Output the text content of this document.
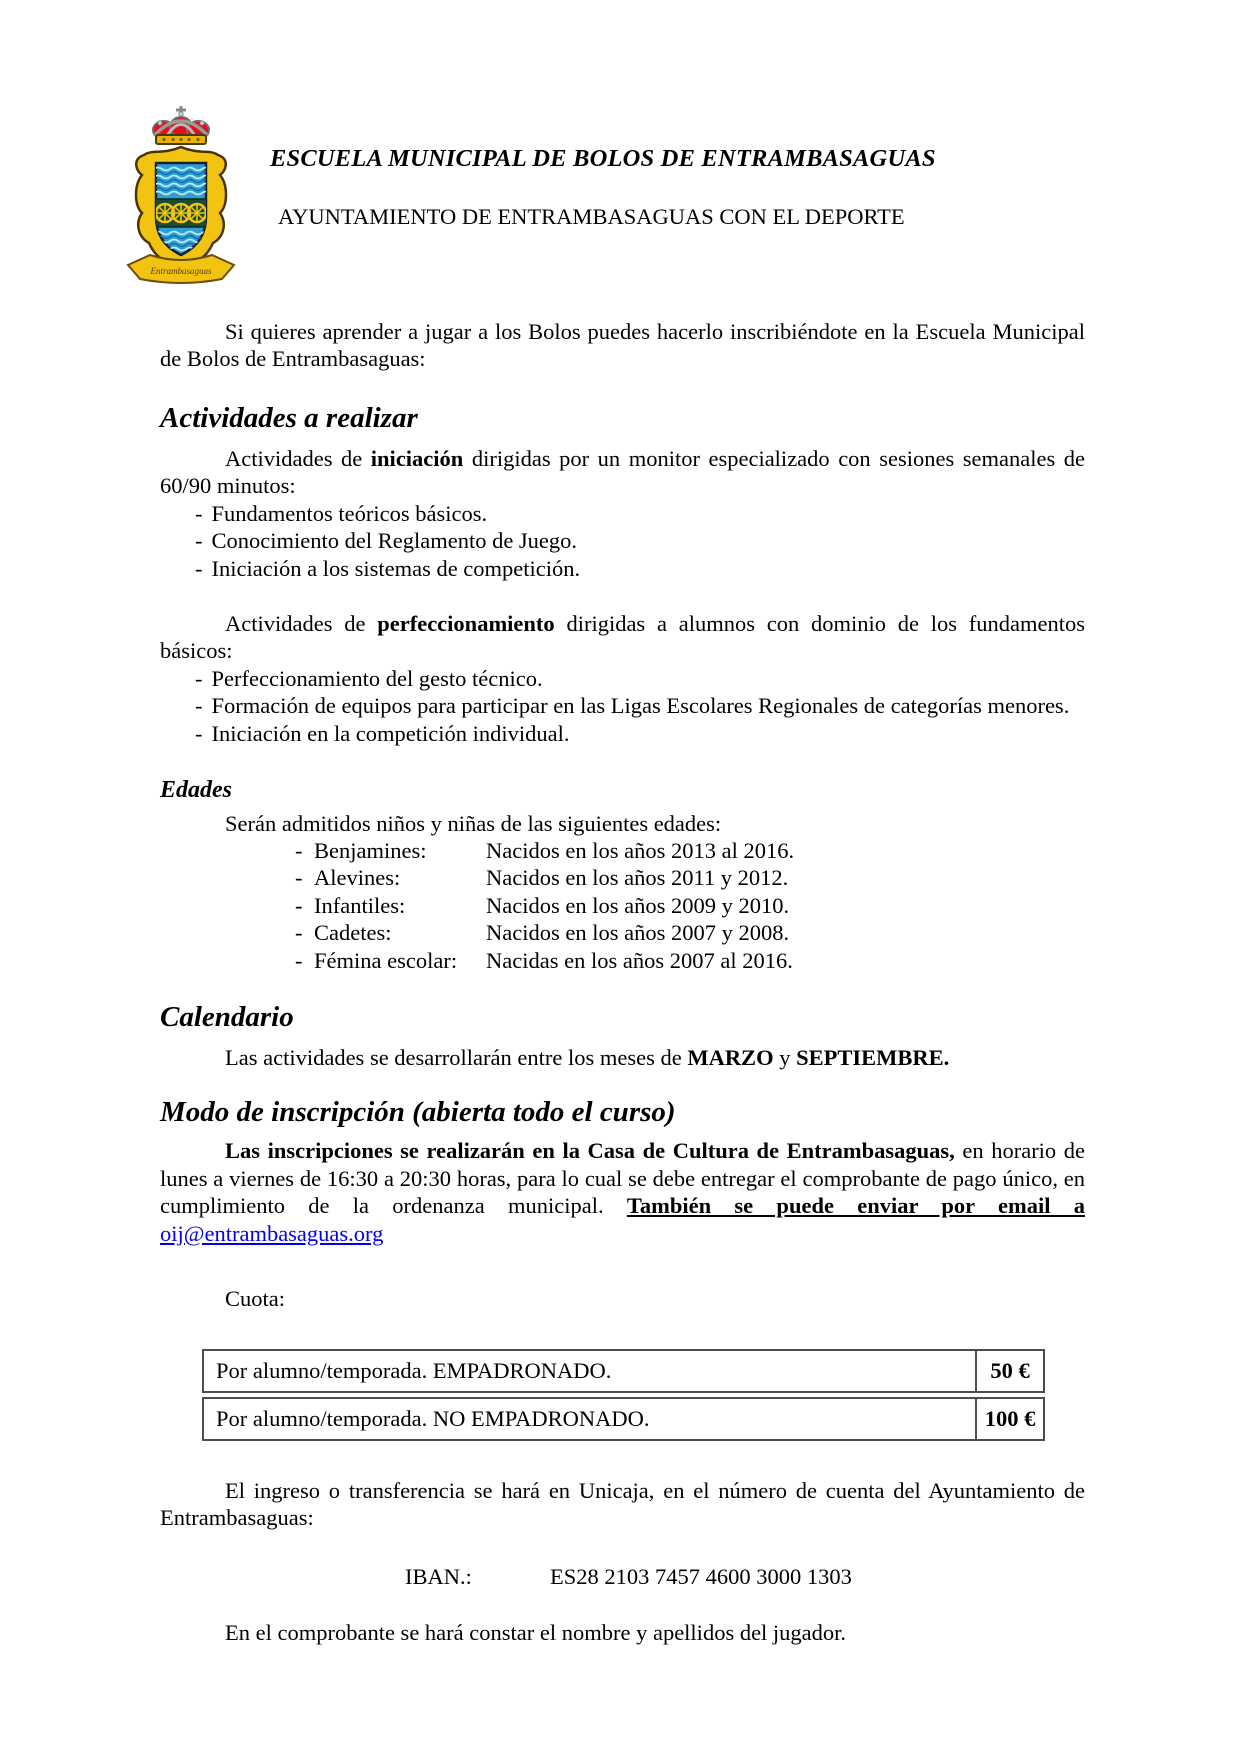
Entrambasaguas
ESCUELA MUNICIPAL DE BOLOS DE ENTRAMBASAGUAS
AYUNTAMIENTO DE ENTRAMBASAGUAS CON EL DEPORTE

Si quieres aprender a jugar a los Bolos puedes hacerlo inscribiéndote en la Escuela Municipal de Bolos de Entrambasaguas:

Actividades a realizar

Actividades de iniciación dirigidas por un monitor especializado con sesiones semanales de 60/90 minutos:

- Fundamentos teóricos básicos.

- Conocimiento del Reglamento de Juego.

- Iniciación a los sistemas de competición.

Actividades de perfeccionamiento dirigidas a alumnos con dominio de los fundamentos básicos:

- Perfeccionamiento del gesto técnico.

- Formación de equipos para participar en las Ligas Escolares Regionales de categorías menores.

- Iniciación en la competición individual.

Edades

Serán admitidos niños y niñas de las siguientes edades:

- Benjamines:	Nacidos en los años 2013 al 2016.
- Alevines:	Nacidos en los años 2011 y 2012.
- Infantiles:	Nacidos en los años 2009 y 2010.
- Cadetes:	Nacidos en los años 2007 y 2008.
- Fémina escolar:	Nacidas en los años 2007 al 2016.
Calendario

Las actividades se desarrollarán entre los meses de MARZO y SEPTIEMBRE.

Modo de inscripción (abierta todo el curso)

Las inscripciones se realizarán en la Casa de Cultura de Entrambasaguas, en horario de lunes a viernes de 16:30 a 20:30 horas, para lo cual se debe entregar el comprobante de pago único, en cumplimiento de la ordenanza municipal. También se puede enviar por email a oij@entrambasaguas.org

Cuota:

Por alumno/temporada. EMPADRONADO.	50 €
Por alumno/temporada. NO EMPADRONADO.	100 €

El ingreso o transferencia se hará en Unicaja, en el número de cuenta del Ayuntamiento de Entrambasaguas:

IBAN.:	ES28 2103 7457 4600 3000 1303

En el comprobante se hará constar el nombre y apellidos del jugador.
